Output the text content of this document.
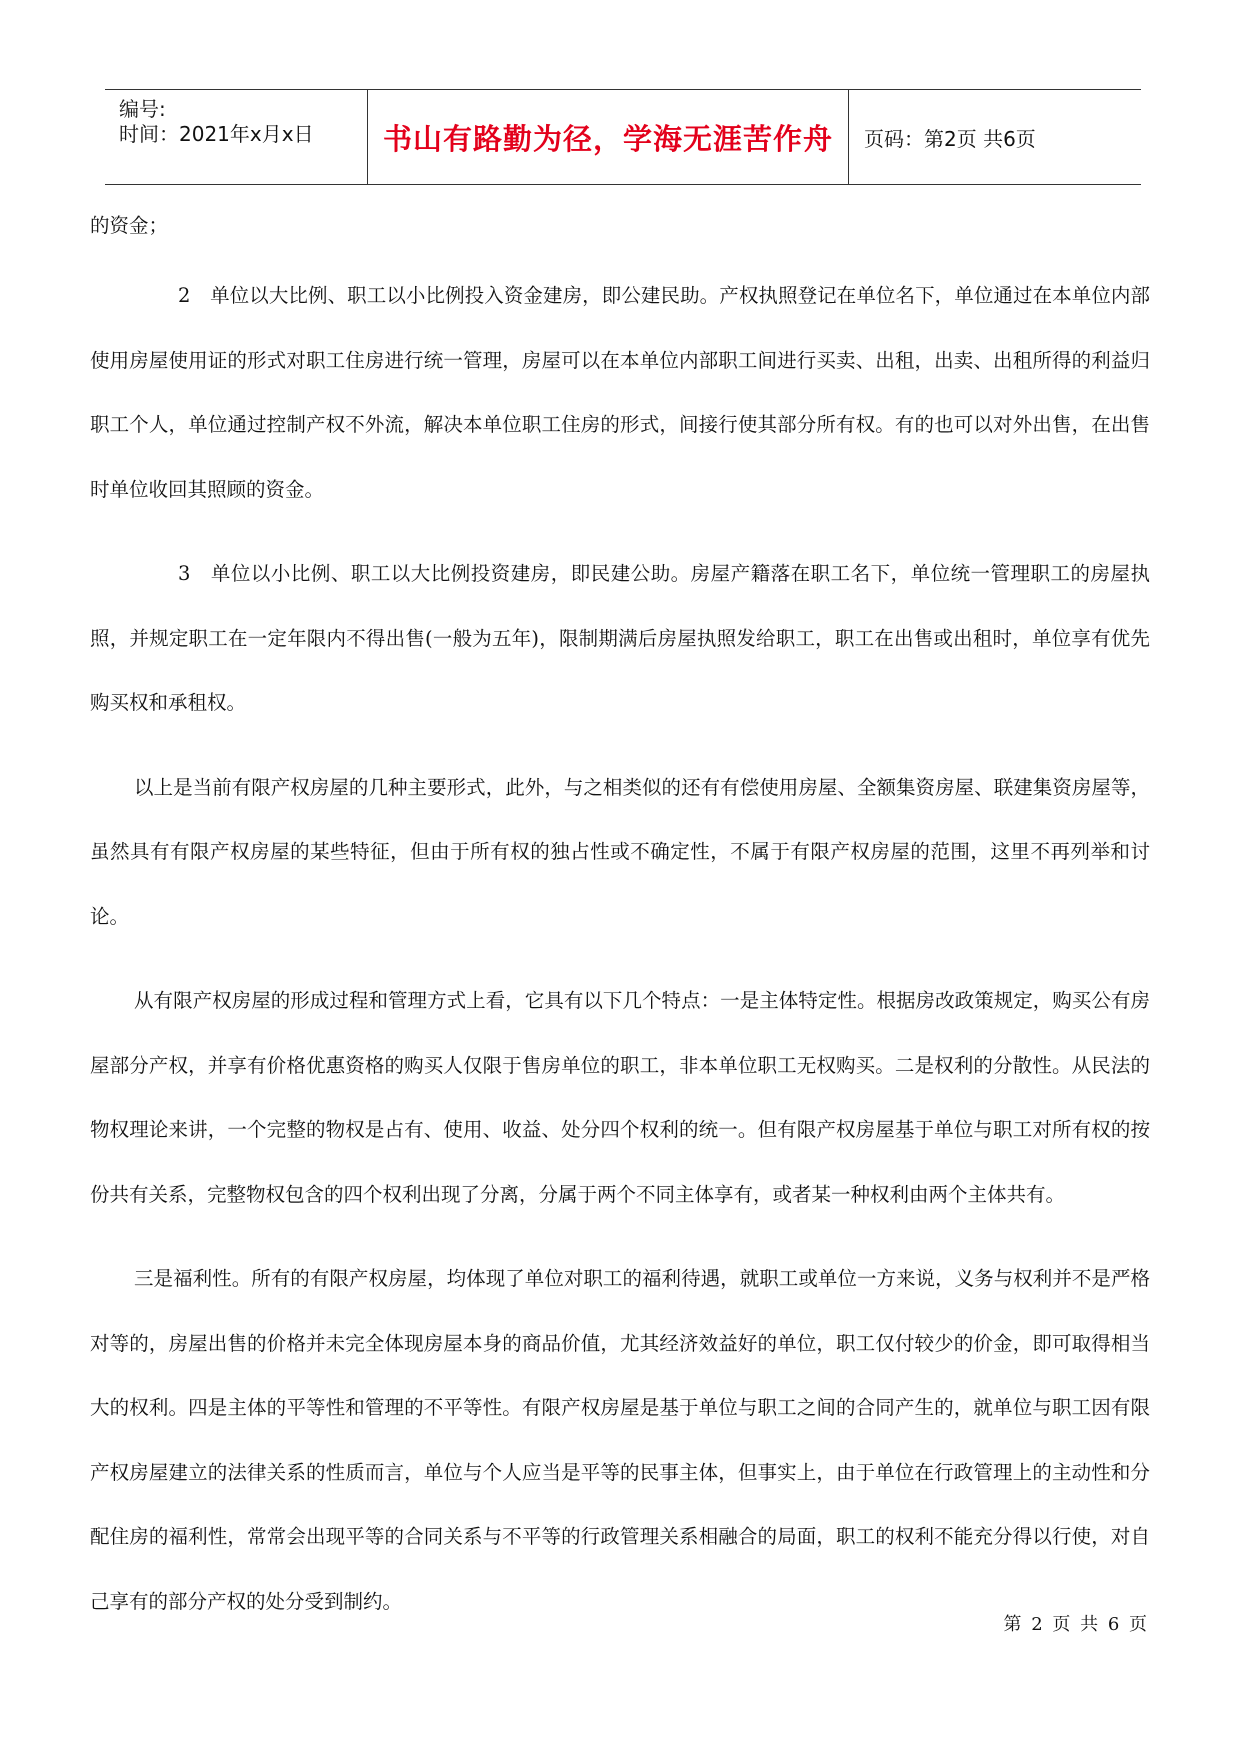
编号:
时间：2021年x月x日 书山有路勤为径，学海无涯苦作舟	页码：第2页 共6页

的资金；

2　单位以大比例、职工以小比例投入资金建房，即公建民助。产权执照登记在单位名下，单位通过在本单位内部使用房屋使用证的形式对职工住房进行统一管理，房屋可以在本单位内部职工间进行买卖、出租，出卖、出租所得的利益归职工个人，单位通过控制产权不外流，解决本单位职工住房的形式，间接行使其部分所有权。有的也可以对外出售，在出售时单位收回其照顾的资金。

3　单位以小比例、职工以大比例投资建房，即民建公助。房屋产籍落在职工名下，单位统一管理职工的房屋执照，并规定职工在一定年限内不得出售(一般为五年)，限制期满后房屋执照发给职工，职工在出售或出租时，单位享有优先购买权和承租权。

以上是当前有限产权房屋的几种主要形式，此外，与之相类似的还有有偿使用房屋、全额集资房屋、联建集资房屋等，虽然具有有限产权房屋的某些特征，但由于所有权的独占性或不确定性，不属于有限产权房屋的范围，这里不再列举和讨论。

从有限产权房屋的形成过程和管理方式上看，它具有以下几个特点：一是主体特定性。根据房改政策规定，购买公有房屋部分产权，并享有价格优惠资格的购买人仅限于售房单位的职工，非本单位职工无权购买。二是权利的分散性。从民法的物权理论来讲，一个完整的物权是占有、使用、收益、处分四个权利的统一。但有限产权房屋基于单位与职工对所有权的按份共有关系，完整物权包含的四个权利出现了分离，分属于两个不同主体享有，或者某一种权利由两个主体共有。

三是福利性。所有的有限产权房屋，均体现了单位对职工的福利待遇，就职工或单位一方来说，义务与权利并不是严格对等的，房屋出售的价格并未完全体现房屋本身的商品价值，尤其经济效益好的单位，职工仅付较少的价金，即可取得相当大的权利。四是主体的平等性和管理的不平等性。有限产权房屋是基于单位与职工之间的合同产生的，就单位与职工因有限产权房屋建立的法律关系的性质而言，单位与个人应当是平等的民事主体，但事实上，由于单位在行政管理上的主动性和分配住房的福利性，常常会出现平等的合同关系与不平等的行政管理关系相融合的局面，职工的权利不能充分得以行使，对自己享有的部分产权的处分受到制约。

第 2 页 共 6 页
